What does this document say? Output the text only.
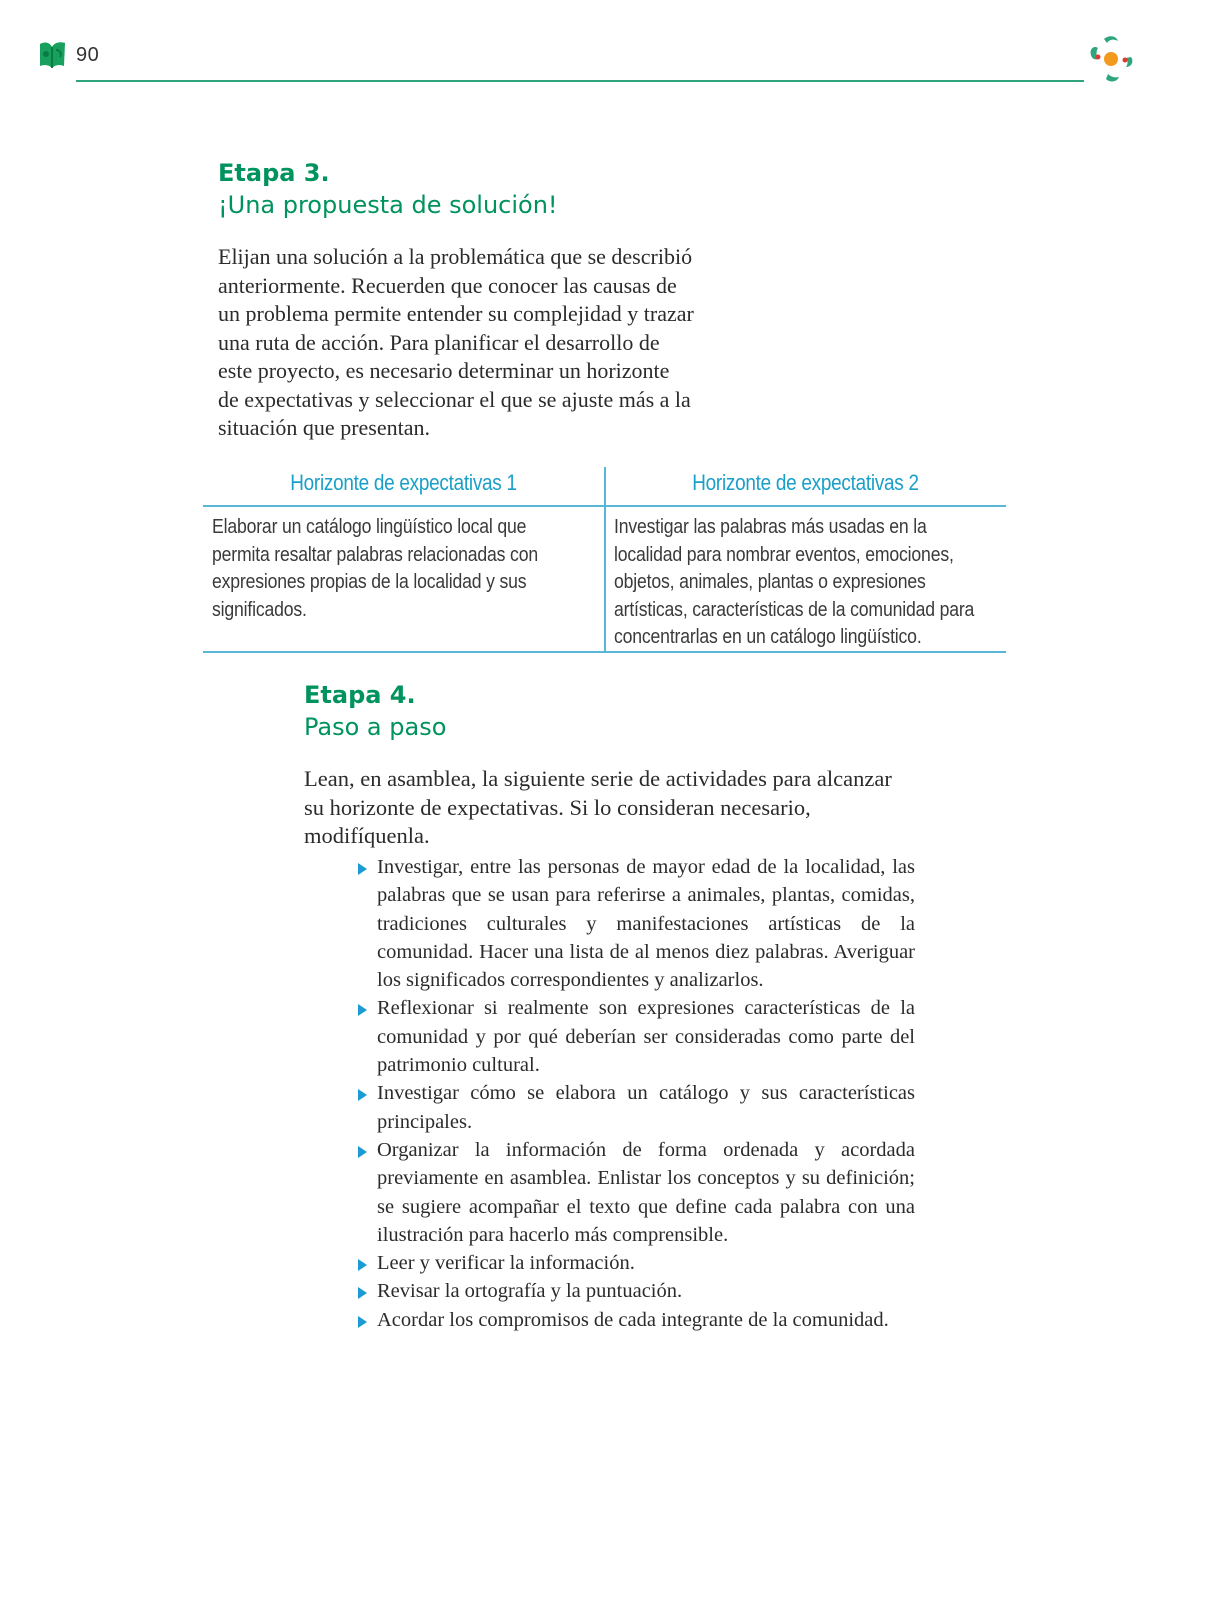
90
Etapa 3.
¡Una propuesta de solución!
Elijan una solución a la problemática que se describió
anteriormente. Recuerden que conocer las causas de
un problema permite entender su complejidad y trazar
una ruta de acción. Para planificar el desarrollo de
este proyecto, es necesario determinar un horizonte
de expectativas y seleccionar el que se ajuste más a la
situación que presentan.
Horizonte de expectativas 1
Elaborar un catálogo lingüístico local que
permita resaltar palabras relacionadas con
expresiones propias de la localidad y sus
significados.
Horizonte de expectativas 2
Investigar las palabras más usadas en la
localidad para nombrar eventos, emociones,
objetos, animales, plantas o expresiones
artísticas, características de la comunidad para
concentrarlas en un catálogo lingüístico.
Etapa 4.
Paso a paso
Lean, en asamblea, la siguiente serie de actividades para alcanzar
su horizonte de expectativas. Si lo consideran necesario,
modifíquenla.
Investigar, entre las personas de mayor edad de la localidad, las palabras que se usan para referirse a animales, plantas, comidas, tradiciones culturales y manifestaciones artísticas de la comunidad. Hacer una lista de al menos diez palabras. Averiguar los significados correspondientes y analizarlos.
Reflexionar si realmente son expresiones características de la comunidad y por qué deberían ser consideradas como parte del patrimonio cultural.
Investigar cómo se elabora un catálogo y sus características principales.
Organizar la información de forma ordenada y acordada previamente en asamblea. Enlistar los conceptos y su definición; se sugiere acompañar el texto que define cada palabra con una ilustración para hacerlo más comprensible.
Leer y verificar la información.
Revisar la ortografía y la puntuación.
Acordar los compromisos de cada integrante de la comunidad.
